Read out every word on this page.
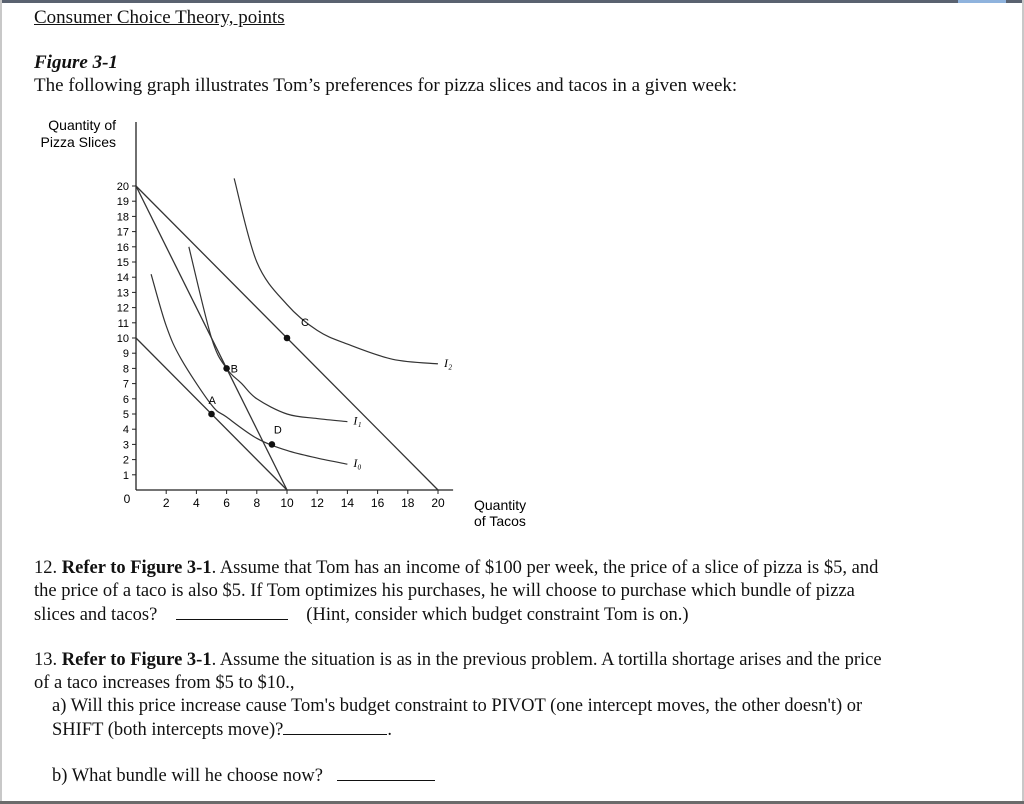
Consumer Choice Theory, points
Figure 3-1
The following graph illustrates Tom’s preferences for pizza slices and tacos in a given week:
Quantity of
Pizza Slices
Quantity
of Tacos
0
1
2
3
4
5
6
7
8
9
10
11
12
13
14
15
16
17
18
19
20
2 4 6 8 10 12 14 16 18 20
I₀
I₁
I₂
A
B
C
D
12. Refer to Figure 3-1. Assume that Tom has an income of $100 per week, the price of a slice of pizza is $5, and the price of a taco is also $5. If Tom optimizes his purchases, he will choose to purchase which bundle of pizza slices and tacos?	(Hint, consider which budget constraint Tom is on.)
13. Refer to Figure 3-1. Assume the situation is as in the previous problem. A tortilla shortage arises and the price of a taco increases from $5 to $10.,
a) Will this price increase cause Tom's budget constraint to PIVOT (one intercept moves, the other doesn't) or SHIFT (both intercepts move)?	.
b) What bundle will he choose now?
